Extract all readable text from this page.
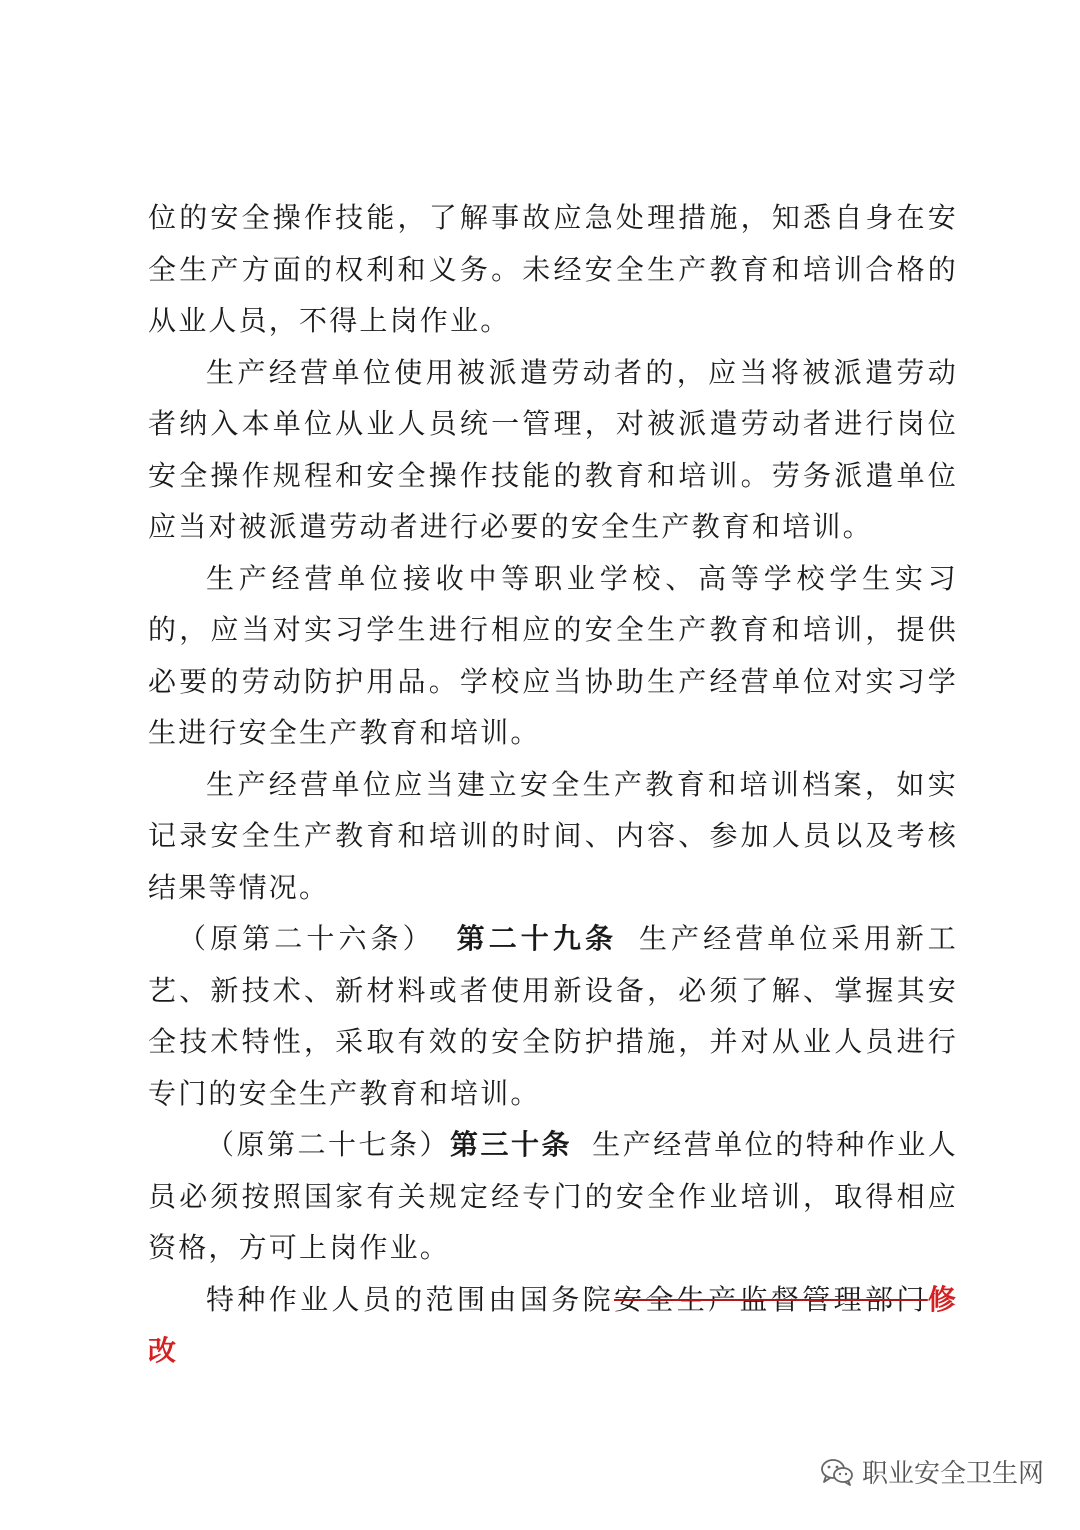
位的安全操作技能，了解事故应急处理措施，知悉自身在安全生产方面的权利和义务。未经安全生产教育和培训合格的从业人员，不得上岗作业。

生产经营单位使用被派遣劳动者的，应当将被派遣劳动者纳入本单位从业人员统一管理，对被派遣劳动者进行岗位安全操作规程和安全操作技能的教育和培训。劳务派遣单位应当对被派遣劳动者进行必要的安全生产教育和培训。

生产经营单位接收中等职业学校、高等学校学生实习的，应当对实习学生进行相应的安全生产教育和培训，提供必要的劳动防护用品。学校应当协助生产经营单位对实习学生进行安全生产教育和培训。

生产经营单位应当建立安全生产教育和培训档案，如实记录安全生产教育和培训的时间、内容、参加人员以及考核结果等情况。

（原第二十六条） 第二十九条 生产经营单位采用新工艺、新技术、新材料或者使用新设备，必须了解、掌握其安全技术特性，采取有效的安全防护措施，并对从业人员进行专门的安全生产教育和培训。

（原第二十七条）第三十条 生产经营单位的特种作业人员必须按照国家有关规定经专门的安全作业培训，取得相应资格，方可上岗作业。

特种作业人员的范围由国务院安全生产监督管理部门修改

职业安全卫生网
